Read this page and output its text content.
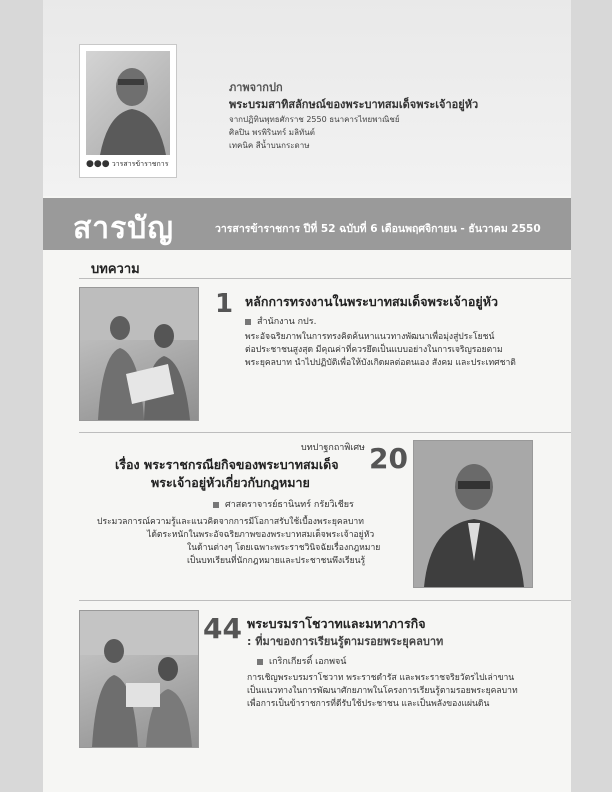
●●● วารสารข้าราชการ
ภาพจากปก
พระบรมสาทิสลักษณ์ของพระบาทสมเด็จพระเจ้าอยู่หัว
จากปฏิทินพุทธศักราช 2550 ธนาคารไทยพาณิชย์
ศิลปิน พรพิรินทร์ มลิทันต์
เทคนิค สีน้ำบนกระดาษ
สารบัญ	วารสารข้าราชการ ปีที่ 52 ฉบับที่ 6 เดือนพฤศจิกายน - ธันวาคม 2550
บทความ
1 หลักการทรงงานในพระบาทสมเด็จพระเจ้าอยู่หัว
สำนักงาน กปร.
พระอัจฉริยภาพในการทรงคิดค้นหาแนวทางพัฒนาเพื่อมุ่งสู่ประโยชน์
ต่อประชาชนสูงสุด มีคุณค่าที่ควรยึดเป็นแบบอย่างในการเจริญรอยตาม
พระยุคลบาท นำไปปฏิบัติเพื่อให้บังเกิดผลต่อตนเอง สังคม และประเทศชาติ
บทปาฐกถาพิเศษ
เรื่อง พระราชกรณียกิจของพระบาทสมเด็จ
พระเจ้าอยู่หัวเกี่ยวกับกฎหมาย
20
ศาสตราจารย์ธานินทร์ กรัยวิเชียร
ประมวลการณ์ความรู้และแนวคิดจากการมีโอกาสรับใช้เบื้องพระยุคลบาท
ได้ตระหนักในพระอัจฉริยภาพของพระบาทสมเด็จพระเจ้าอยู่หัว
ในด้านต่างๆ โดยเฉพาะพระราชวินิจฉัยเรื่องกฎหมาย
เป็นบทเรียนที่นักกฎหมายและประชาชนพึงเรียนรู้
44 พระบรมราโชวาทและมหาภารกิจ
: ที่มาของการเรียนรู้ตามรอยพระยุคลบาท
เกริกเกียรติ์ เอกพจน์
การเชิญพระบรมราโชวาท พระราชดำรัส และพระราชจริยวัตรไปเล่าขาน
เป็นแนวทางในการพัฒนาศักยภาพในโครงการเรียนรู้ตามรอยพระยุคลบาท
เพื่อการเป็นข้าราชการที่ดีรับใช้ประชาชน และเป็นพลังของแผ่นดิน
